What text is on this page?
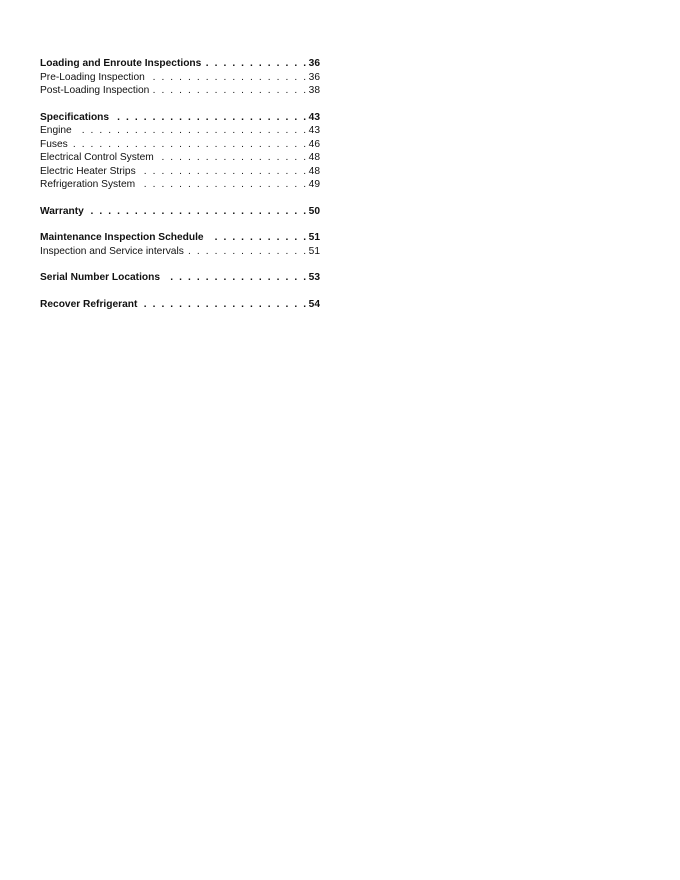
Loading and Enroute Inspections . . .	36
Pre-Loading Inspection . . .	36
Post-Loading Inspection . . .	38
Specifications . . .	43
Engine . . .	43
Fuses . . .	46
Electrical Control System . . .	48
Electric Heater Strips . . .	48
Refrigeration System . . .	49
Warranty . . .	50
Maintenance Inspection Schedule . . .	51
Inspection and Service intervals . . .	51
Serial Number Locations . . .	53
Recover Refrigerant . . .	54
